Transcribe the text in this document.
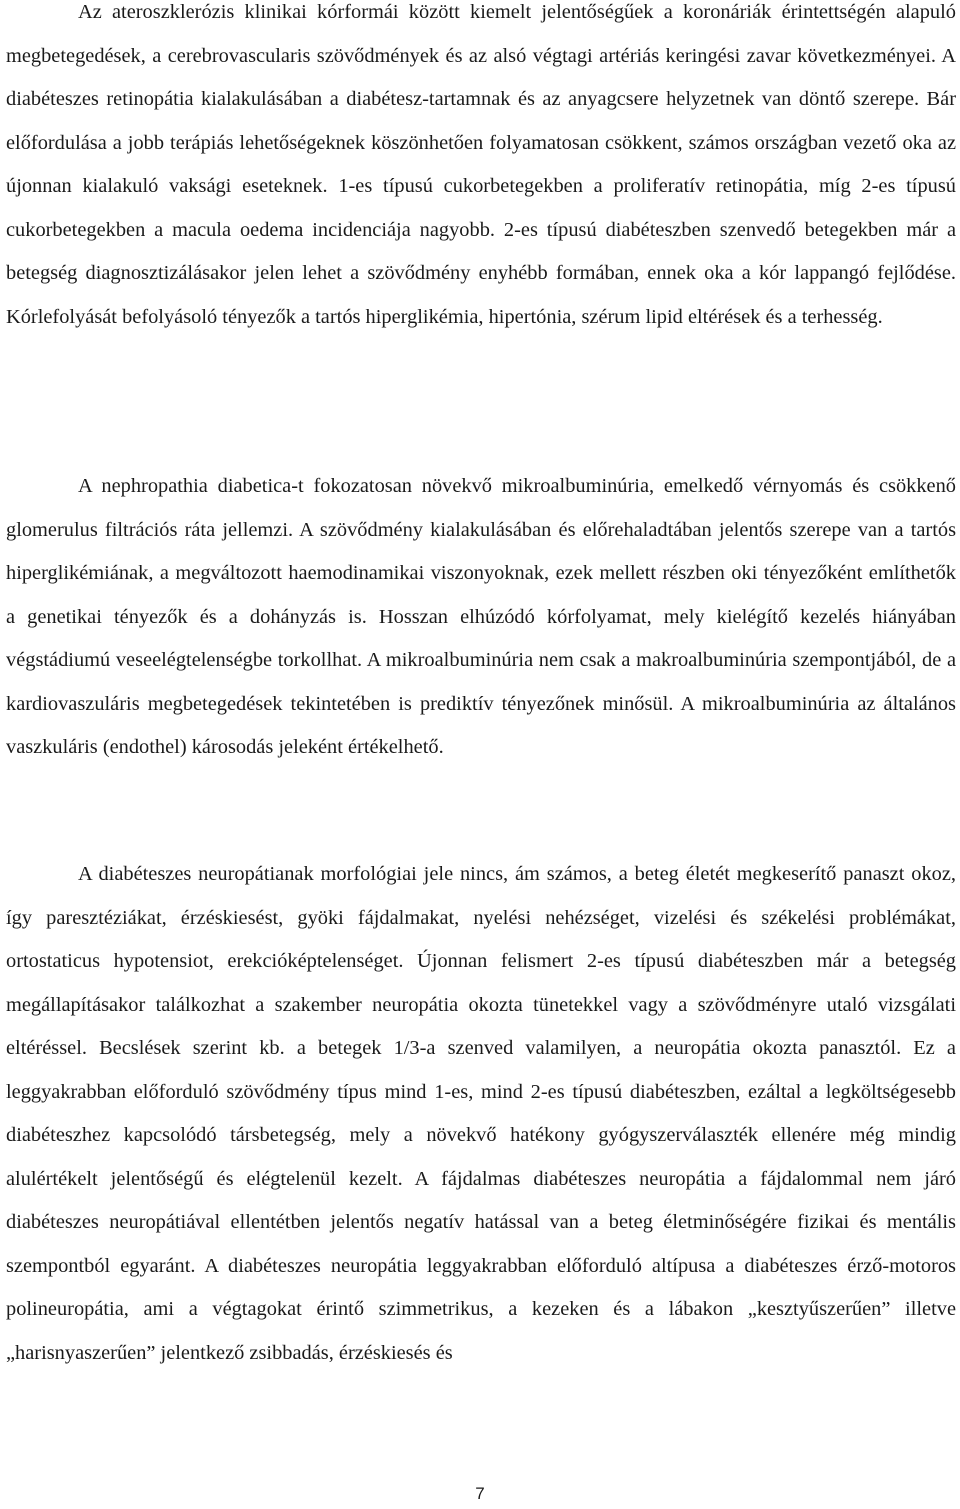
Az ateroszklerózis klinikai kórformái között kiemelt jelentőségűek a koronáriák érintettségén alapuló megbetegedések, a cerebrovascularis szövődmények és az alsó végtagi artériás keringési zavar következményei. A diabéteszes retinopátia kialakulásában a diabétesz-tartamnak és az anyagcsere helyzetnek van döntő szerepe. Bár előfordulása a jobb terápiás lehetőségeknek köszönhetően folyamatosan csökkent, számos országban vezető oka az újonnan kialakuló vaksági eseteknek. 1-es típusú cukorbetegekben a proliferatív retinopátia, míg 2-es típusú cukorbetegekben a macula oedema incidenciája nagyobb. 2-es típusú diabéteszben szenvedő betegekben már a betegség diagnosztizálásakor jelen lehet a szövődmény enyhébb formában, ennek oka a kór lappangó fejlődése. Kórlefolyását befolyásoló tényezők a tartós hiperglikémia, hipertónia, szérum lipid eltérések és a terhesség.

A nephropathia diabetica-t fokozatosan növekvő mikroalbuminúria, emelkedő vérnyomás és csökkenő glomerulus filtrációs ráta jellemzi. A szövődmény kialakulásában és előrehaladtában jelentős szerepe van a tartós hiperglikémiának, a megváltozott haemodinamikai viszonyoknak, ezek mellett részben oki tényezőként említhetők a genetikai tényezők és a dohányzás is. Hosszan elhúzódó kórfolyamat, mely kielégítő kezelés hiányában végstádiumú veseelégtelenségbe torkollhat. A mikroalbuminúria nem csak a makroalbuminúria szempontjából, de a kardiovaszuláris megbetegedések tekintetében is prediktív tényezőnek minősül. A mikroalbuminúria az általános vaszkuláris (endothel) károsodás jeleként értékelhető.

A diabéteszes neuropátianak morfológiai jele nincs, ám számos, a beteg életét megkeserítő panaszt okoz, így paresztéziákat, érzéskiesést, gyöki fájdalmakat, nyelési nehézséget, vizelési és székelési problémákat, ortostaticus hypotensiot, erekcióképtelenséget. Újonnan felismert 2-es típusú diabéteszben már a betegség megállapításakor találkozhat a szakember neuropátia okozta tünetekkel vagy a szövődményre utaló vizsgálati eltéréssel. Becslések szerint kb. a betegek 1/3-a szenved valamilyen, a neuropátia okozta panasztól. Ez a leggyakrabban előforduló szövődmény típus mind 1-es, mind 2-es típusú diabéteszben, ezáltal a legköltségesebb diabéteszhez kapcsolódó társbetegség, mely a növekvő hatékony gyógyszerválaszték ellenére még mindig alulértékelt jelentőségű és elégtelenül kezelt. A fájdalmas diabéteszes neuropátia a fájdalommal nem járó diabéteszes neuropátiával ellentétben jelentős negatív hatással van a beteg életminőségére fizikai és mentális szempontból egyaránt. A diabéteszes neuropátia leggyakrabban előforduló altípusa a diabéteszes érző-motoros polineuropátia, ami a végtagokat érintő szimmetrikus, a kezeken és a lábakon „kesztyűszerűen” illetve „harisnyaszerűen” jelentkező zsibbadás, érzéskiesés és

7
